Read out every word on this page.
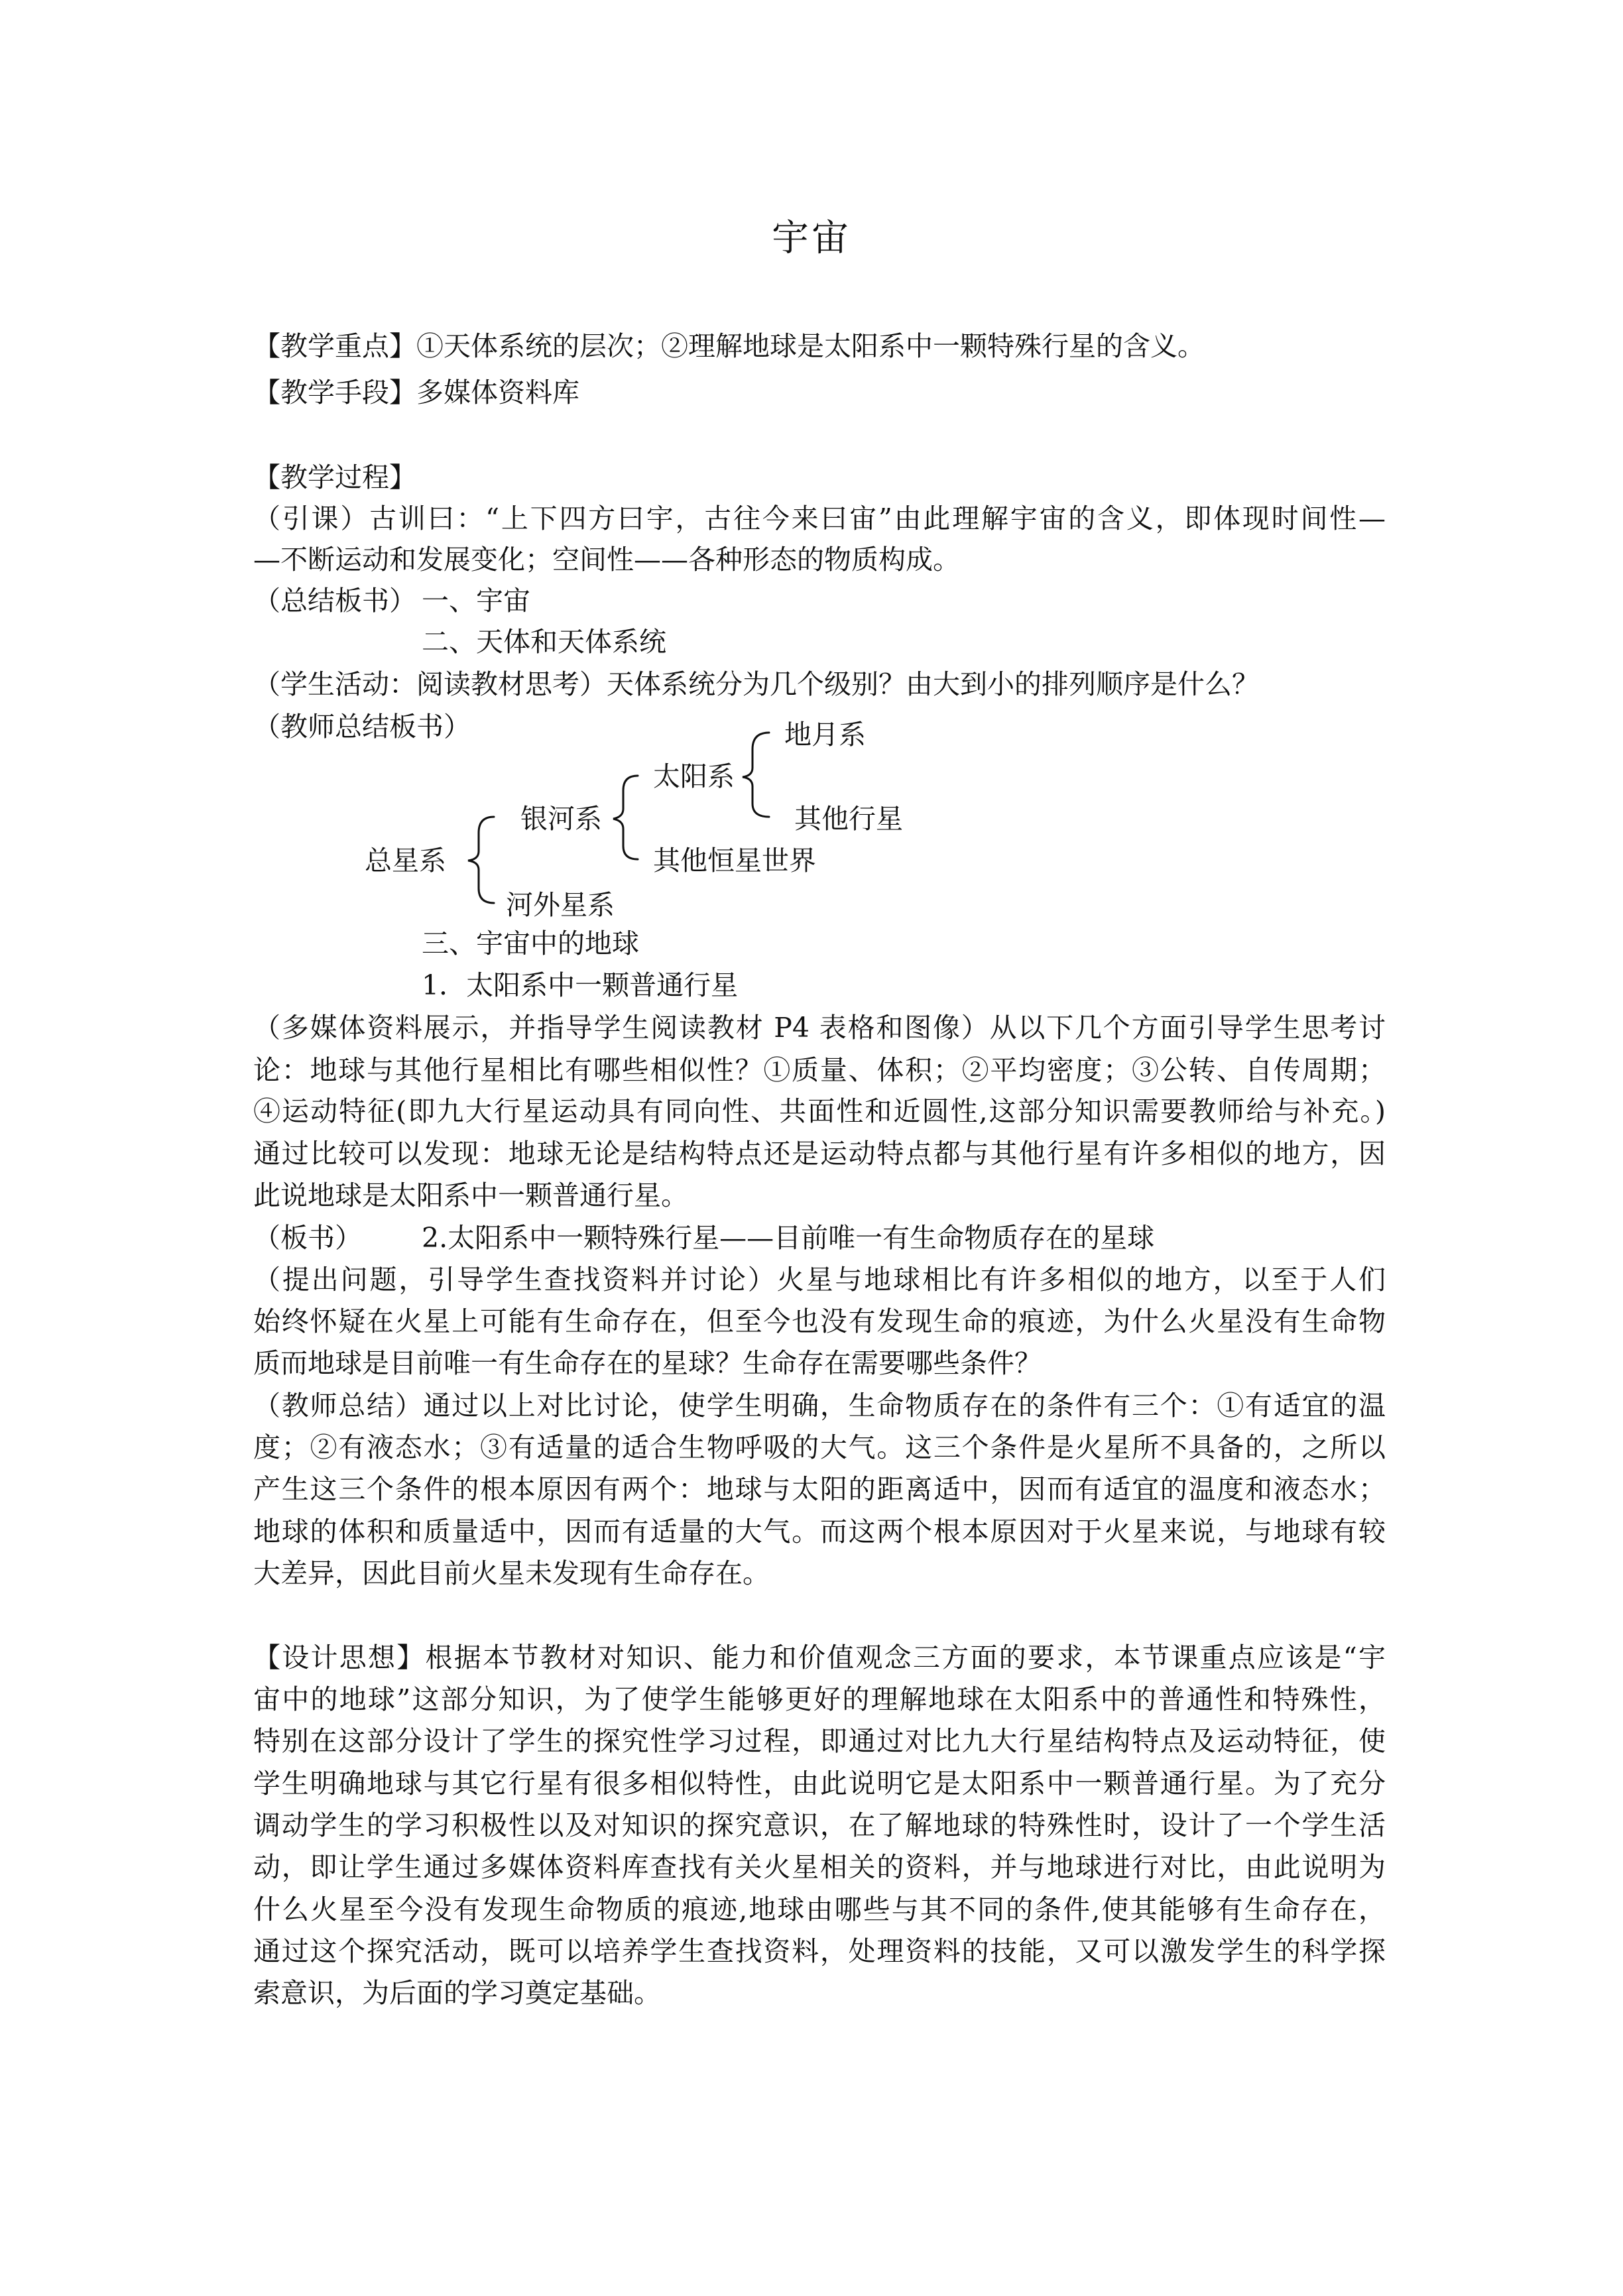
宇宙
【教学重点】①天体系统的层次；②理解地球是太阳系中一颗特殊行星的含义。
【教学手段】多媒体资料库
【教学过程】
（引课）古训曰：“上下四方曰宇，古往今来曰宙”由此理解宇宙的含义，即体现时间性—
—不断运动和发展变化；空间性——各种形态的物质构成。
（总结板书） 一、宇宙
二、天体和天体系统
（学生活动：阅读教材思考）天体系统分为几个级别？由大到小的排列顺序是什么？
（教师总结板书）	地月系
太阳系
其他行星
银河系
总星系	其他恒星世界
河外星系
三、宇宙中的地球
1．太阳系中一颗普通行星
（多媒体资料展示，并指导学生阅读教材 P4 表格和图像）从以下几个方面引导学生思考讨
论：地球与其他行星相比有哪些相似性？①质量、体积；②平均密度；③公转、自传周期；
④运动特征(即九大行星运动具有同向性、共面性和近圆性,这部分知识需要教师给与补充。)
通过比较可以发现：地球无论是结构特点还是运动特点都与其他行星有许多相似的地方，因
此说地球是太阳系中一颗普通行星。
（板书） 2.太阳系中一颗特殊行星——目前唯一有生命物质存在的星球
（提出问题，引导学生查找资料并讨论）火星与地球相比有许多相似的地方，以至于人们
始终怀疑在火星上可能有生命存在，但至今也没有发现生命的痕迹，为什么火星没有生命物
质而地球是目前唯一有生命存在的星球？生命存在需要哪些条件？
（教师总结）通过以上对比讨论，使学生明确，生命物质存在的条件有三个：①有适宜的温
度；②有液态水；③有适量的适合生物呼吸的大气。这三个条件是火星所不具备的，之所以
产生这三个条件的根本原因有两个：地球与太阳的距离适中，因而有适宜的温度和液态水；
地球的体积和质量适中，因而有适量的大气。而这两个根本原因对于火星来说，与地球有较
大差异，因此目前火星未发现有生命存在。
【设计思想】根据本节教材对知识、能力和价值观念三方面的要求，本节课重点应该是“宇
宙中的地球”这部分知识，为了使学生能够更好的理解地球在太阳系中的普通性和特殊性，
特别在这部分设计了学生的探究性学习过程，即通过对比九大行星结构特点及运动特征，使
学生明确地球与其它行星有很多相似特性，由此说明它是太阳系中一颗普通行星。为了充分
调动学生的学习积极性以及对知识的探究意识，在了解地球的特殊性时，设计了一个学生活
动，即让学生通过多媒体资料库查找有关火星相关的资料，并与地球进行对比，由此说明为
什么火星至今没有发现生命物质的痕迹,地球由哪些与其不同的条件,使其能够有生命存在，
通过这个探究活动，既可以培养学生查找资料，处理资料的技能，又可以激发学生的科学探
索意识，为后面的学习奠定基础。
